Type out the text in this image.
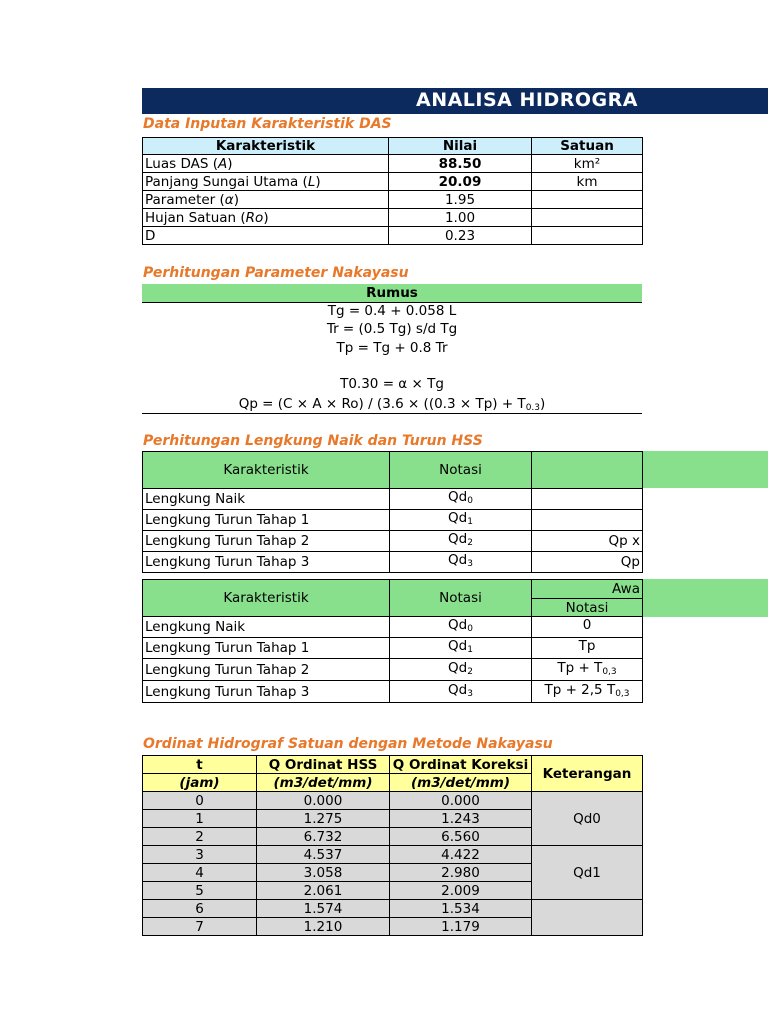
ANALISA HIDROGRA
Data Inputan Karakteristik DAS
Karakteristik	Nilai	Satuan
Luas DAS (A)	88.50	km²
Panjang Sungai Utama (L)	20.09	km
Parameter (α)	1.95	
Hujan Satuan (Ro)	1.00	
D	0.23	
Perhitungan Parameter Nakayasu
Rumus
Tg = 0.4 + 0.058 L
Tr = (0.5 Tg) s/d Tg
Tp = Tg + 0.8 Tr
T0.30 = α × Tg
$Qp = (C \times A \times Ro) / (3.6 \times ((0.3 \times Tp) + T_{0.3})$
Perhitungan Lengkung Naik dan Turun HSS
Karakteristik	Notasi	
Lengkung Naik	$Qd_0$	
Lengkung Turun Tahap 1	$Qd_1$	
Lengkung Turun Tahap 2	$Qd_2$	Qp x
Lengkung Turun Tahap 3	$Qd_3$	Qp
Karakteristik	Notasi	Awa
		Notasi
Lengkung Naik	$Qd_0$	0
Lengkung Turun Tahap 1	$Qd_1$	Tp
Lengkung Turun Tahap 2	$Qd_2$	$Tp + T_{0,3}$
Lengkung Turun Tahap 3	$Qd_3$	Tp + 2,5 $T_{0,3}$
Ordinat Hidrograf Satuan dengan Metode Nakayasu
t	Q Ordinat HSS	Q Ordinat Koreksi	Keterangan
(jam)	(m3/det/mm)	(m3/det/mm)	
0	0.000	0.000	Qd0
1	1.275	1.243	
2	6.732	6.560	
3	4.537	4.422	Qd1
4	3.058	2.980	
5	2.061	2.009	
6	1.574	1.534	
7	1.210	1.179	
